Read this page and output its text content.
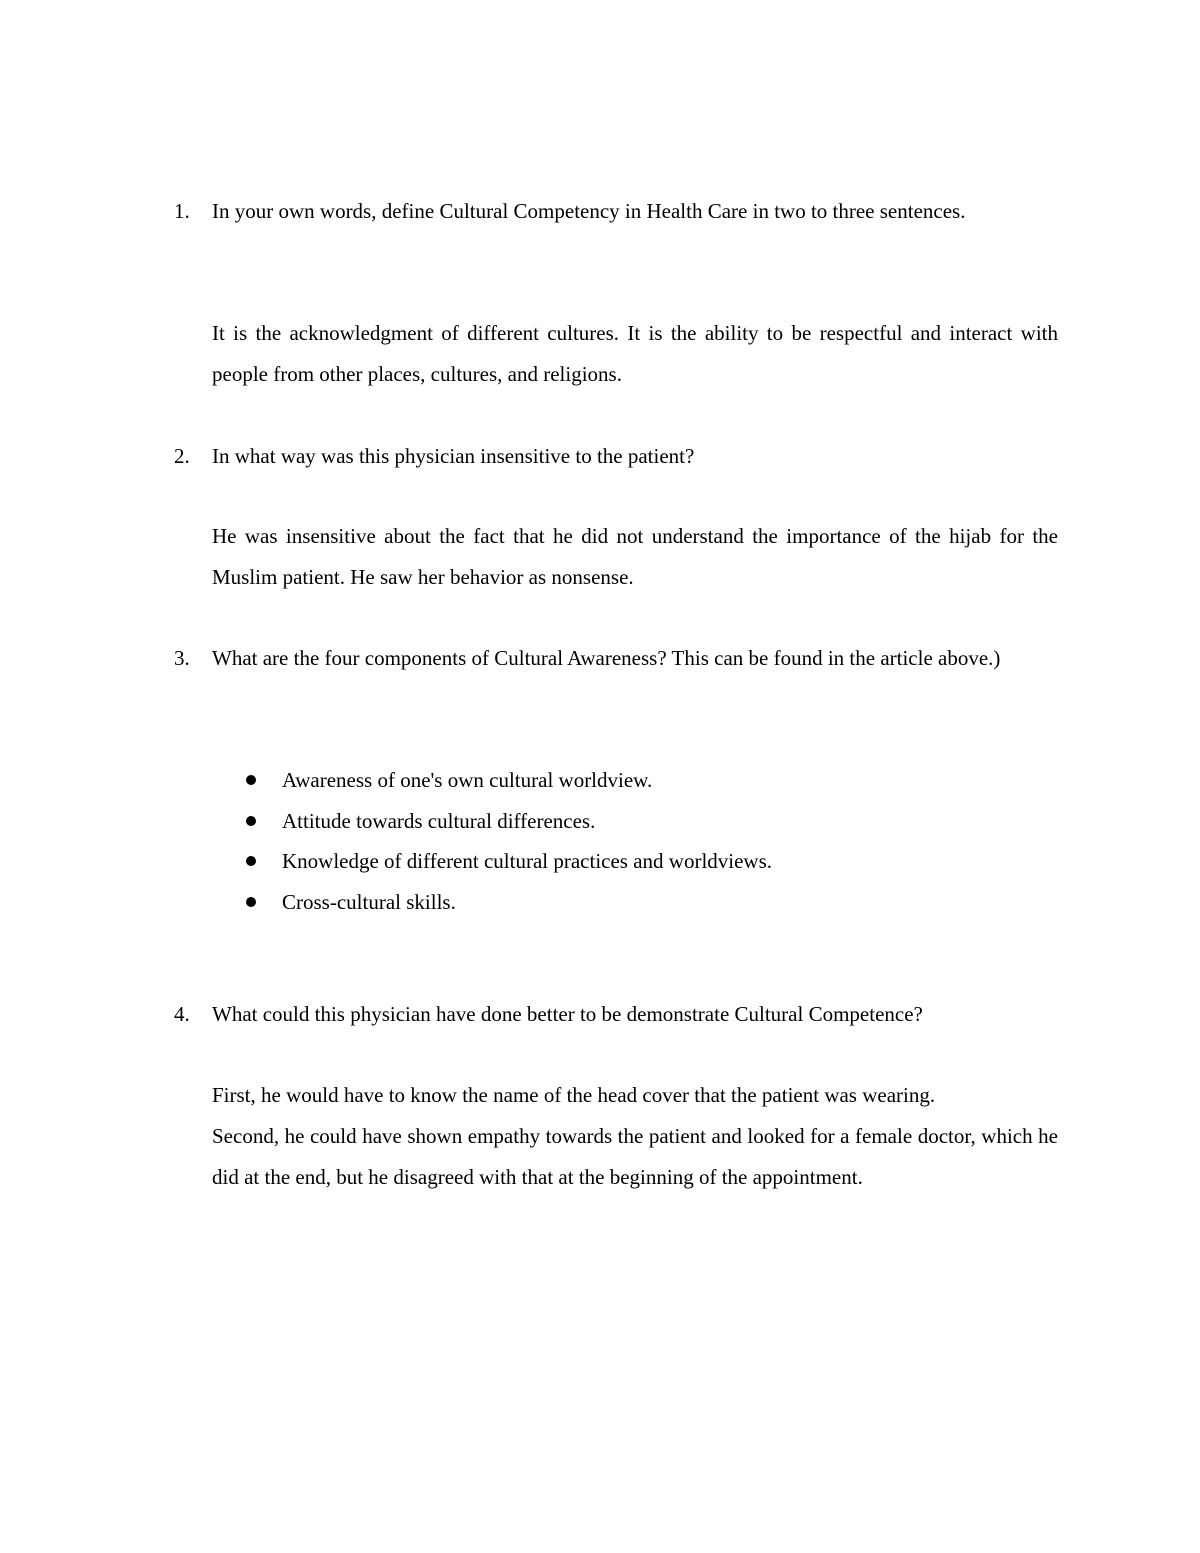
1.	In your own words, define Cultural Competency in Health Care in two to three sentences.
It is the acknowledgment of different cultures. It is the ability to be respectful and interact with people from other places, cultures, and religions.
2.	In what way was this physician insensitive to the patient?
He was insensitive about the fact that he did not understand the importance of the hijab for the Muslim patient. He saw her behavior as nonsense.
3.	What are the four components of Cultural Awareness? This can be found in the article above.)
Awareness of one's own cultural worldview.
Attitude towards cultural differences.
Knowledge of different cultural practices and worldviews.
Cross-cultural skills.
4.	What could this physician have done better to be demonstrate Cultural Competence?
First, he would have to know the name of the head cover that the patient was wearing.
Second, he could have shown empathy towards the patient and looked for a female doctor, which he did at the end, but he disagreed with that at the beginning of the appointment.
